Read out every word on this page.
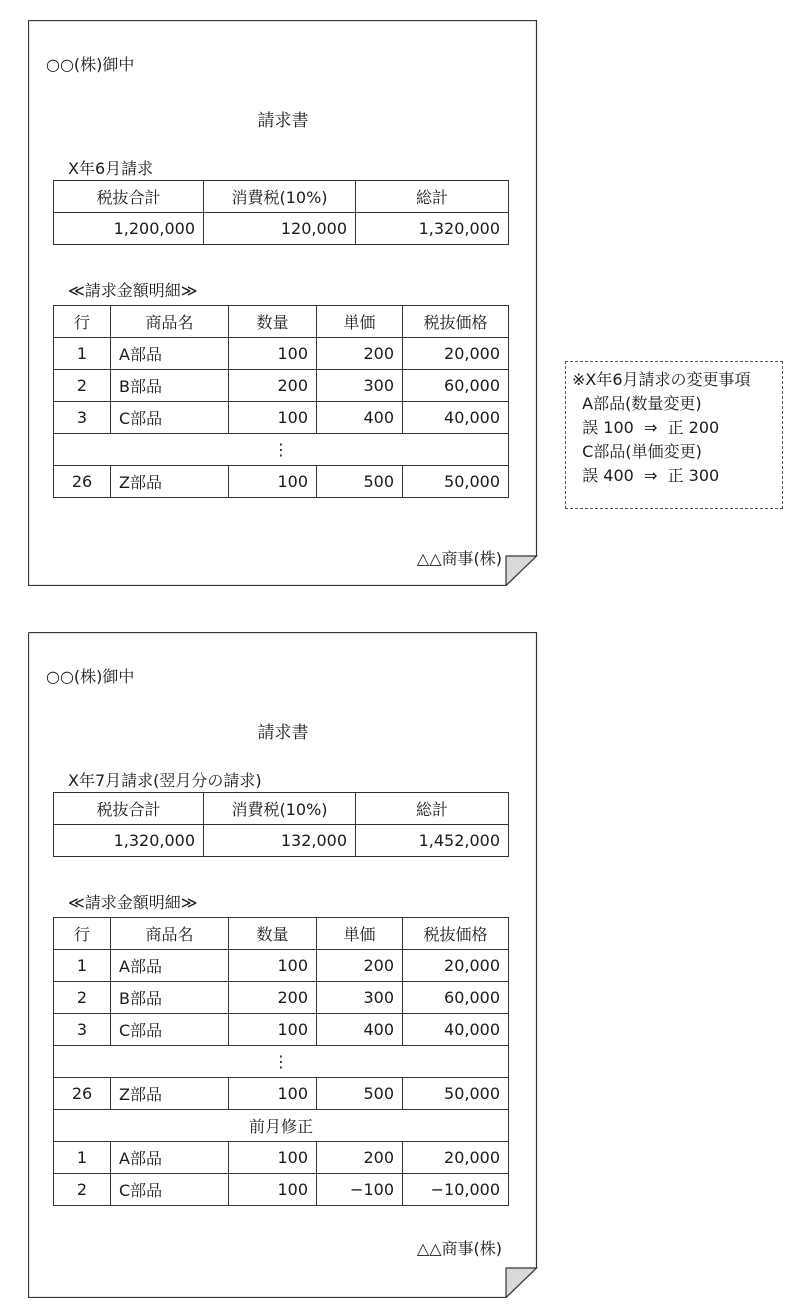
○○(株)御中
請求書
X年6月請求
税抜合計	消費税(10%)	総計
1,200,000	120,000	1,320,000
≪請求金額明細≫
行	商品名	数量	単価	税抜価格
1	A部品	100	200	20,000
2	B部品	200	300	60,000
3	C部品	100	400	40,000
⋮				
26	Z部品	100	500	50,000
△△商事(株)
※X年6月請求の変更事項
A部品(数量変更)
誤 100  ⇒  正 200
C部品(単価変更)
誤 400  ⇒  正 300
○○(株)御中
請求書
X年7月請求(翌月分の請求)
税抜合計	消費税(10%)	総計
1,320,000	132,000	1,452,000
≪請求金額明細≫
行	商品名	数量	単価	税抜価格
1	A部品	100	200	20,000
2	B部品	200	300	60,000
3	C部品	100	400	40,000
⋮				
26	Z部品	100	500	50,000
前月修正				
1	A部品	100	200	20,000
2	C部品	100	−100	−10,000
△△商事(株)
